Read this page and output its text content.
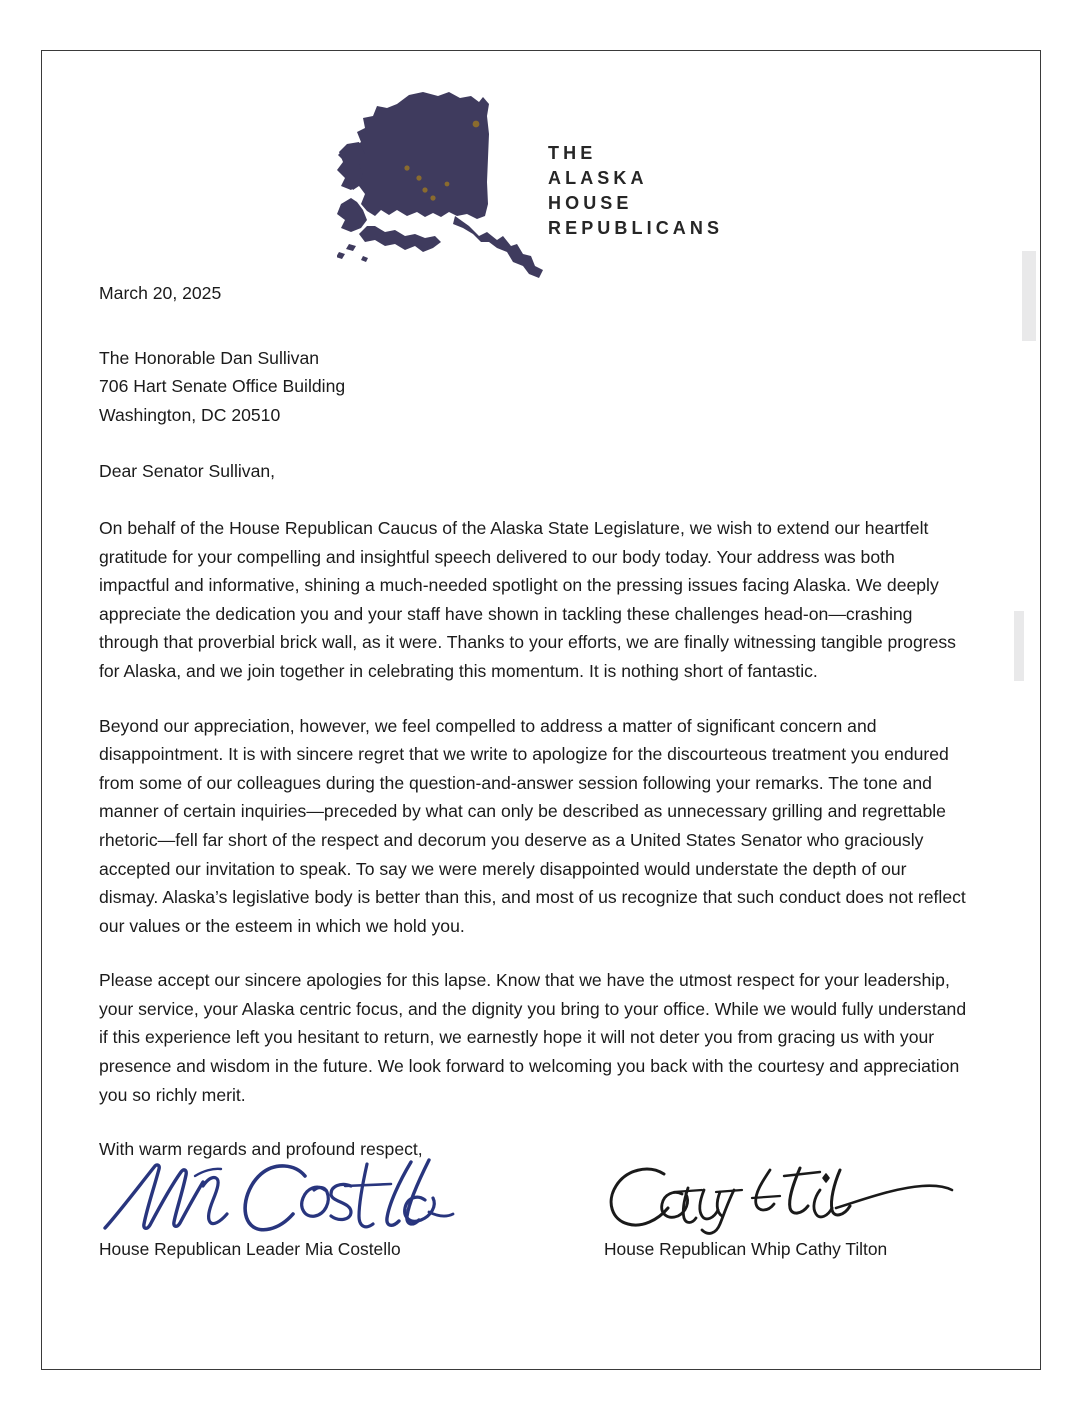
THE
ALASKA
HOUSE
REPUBLICANS

March 20, 2025

The Honorable Dan Sullivan
706 Hart Senate Office Building
Washington, DC 20510

Dear Senator Sullivan,

On behalf of the House Republican Caucus of the Alaska State Legislature, we wish to extend our heartfelt gratitude for your compelling and insightful speech delivered to our body today. Your address was both impactful and informative, shining a much-needed spotlight on the pressing issues facing Alaska. We deeply appreciate the dedication you and your staff have shown in tackling these challenges head-on—crashing through that proverbial brick wall, as it were. Thanks to your efforts, we are finally witnessing tangible progress for Alaska, and we join together in celebrating this momentum. It is nothing short of fantastic.

Beyond our appreciation, however, we feel compelled to address a matter of significant concern and disappointment. It is with sincere regret that we write to apologize for the discourteous treatment you endured from some of our colleagues during the question-and-answer session following your remarks. The tone and manner of certain inquiries—preceded by what can only be described as unnecessary grilling and regrettable rhetoric—fell far short of the respect and decorum you deserve as a United States Senator who graciously accepted our invitation to speak. To say we were merely disappointed would understate the depth of our dismay. Alaska’s legislative body is better than this, and most of us recognize that such conduct does not reflect our values or the esteem in which we hold you.

Please accept our sincere apologies for this lapse. Know that we have the utmost respect for your leadership, your service, your Alaska centric focus, and the dignity you bring to your office. While we would fully understand if this experience left you hesitant to return, we earnestly hope it will not deter you from gracing us with your presence and wisdom in the future. We look forward to welcoming you back with the courtesy and appreciation you so richly merit.

With warm regards and profound respect,

House Republican Leader Mia Costello	House Republican Whip Cathy Tilton
